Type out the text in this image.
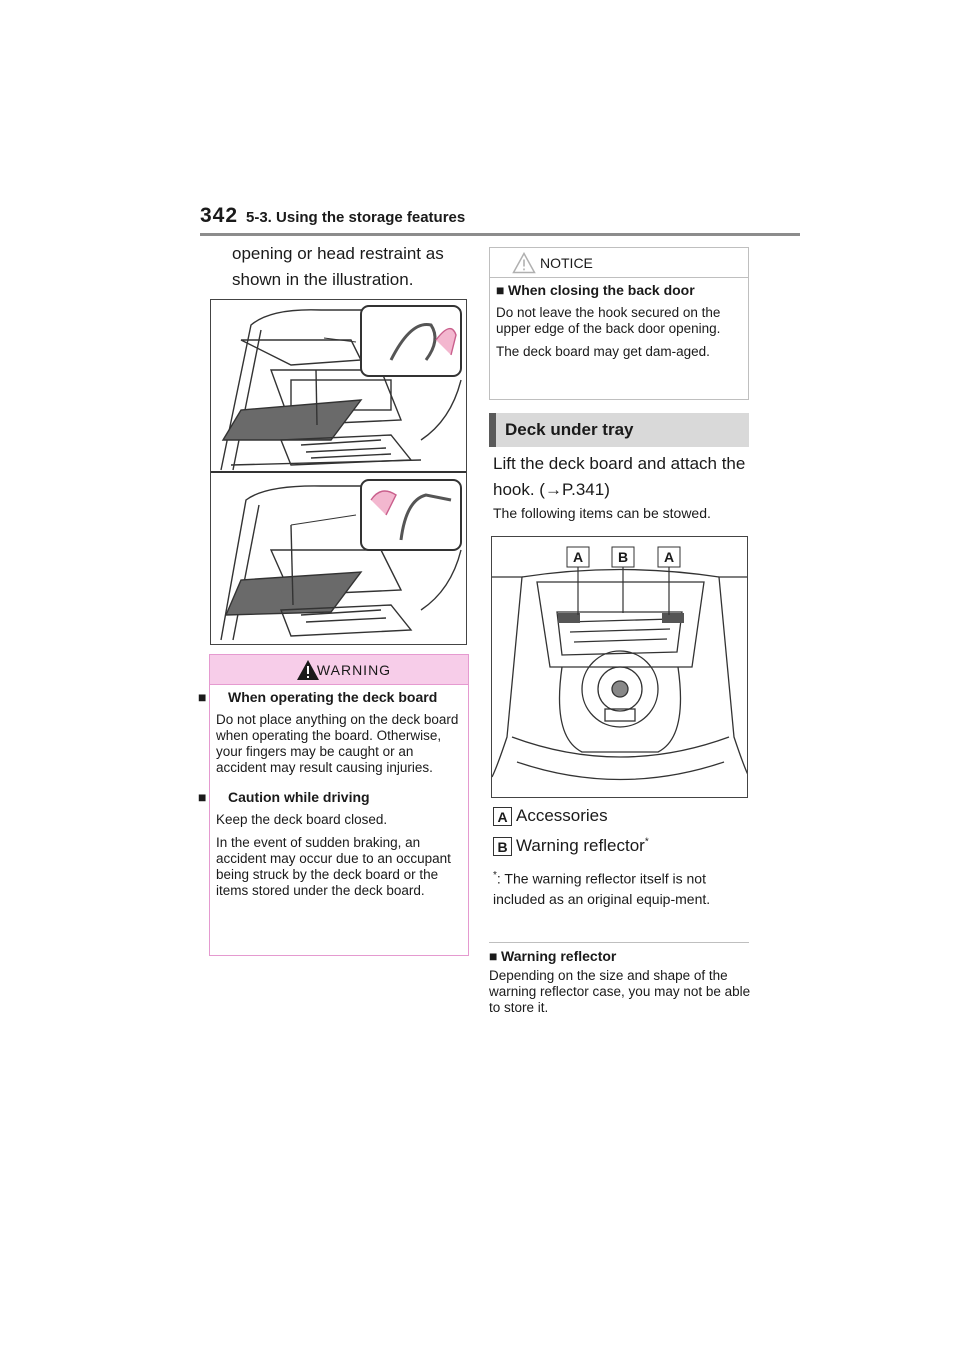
342 5-3. Using the storage features
opening or head restraint as shown in the illustration.
WARNING
■ When operating the deck board
Do not place anything on the deck board when operating the board. Otherwise, your fingers may be caught or an accident may result causing injuries.
■ Caution while driving
Keep the deck board closed.
In the event of sudden braking, an accident may occur due to an occupant being struck by the deck board or the items stored under the deck board.
NOTICE
■ When closing the back door
Do not leave the hook secured on the upper edge of the back door opening.
The deck board may get dam-aged.
Deck under tray
Lift the deck board and attach the hook. (→P.341)
The following items can be stowed.
A B	A
A Accessories
B Warning reflector*
*: The warning reflector itself is not included as an original equip-ment.
■ Warning reflector
Depending on the size and shape of the warning reflector case, you may not be able to store it.
